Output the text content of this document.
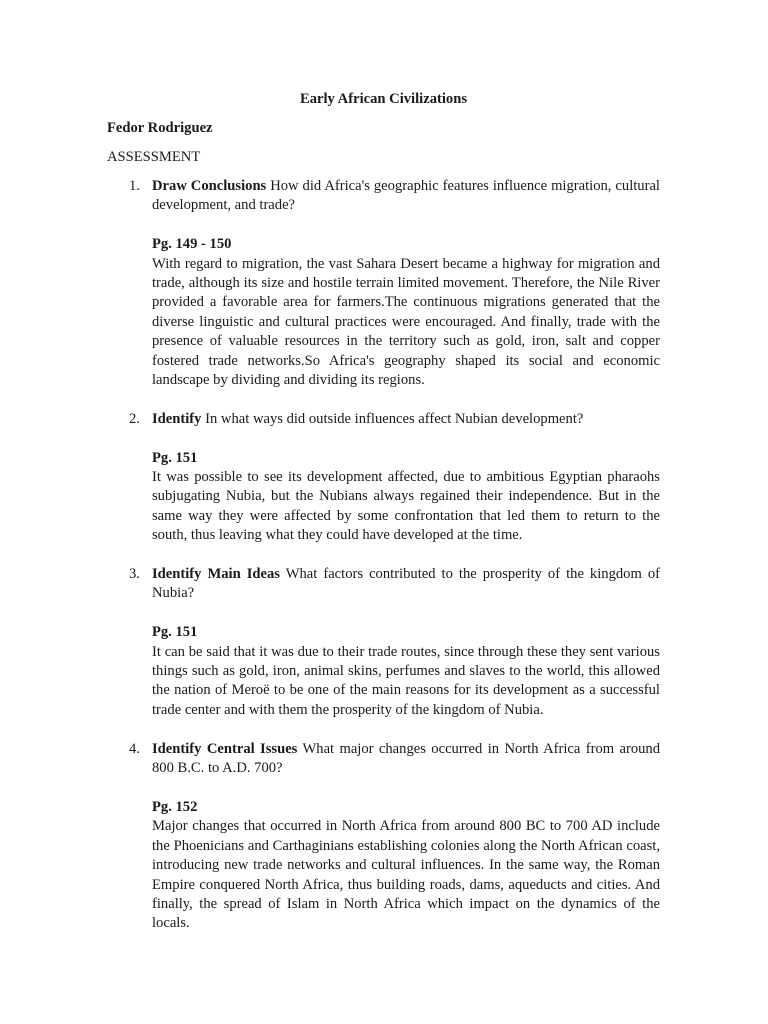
Early African Civilizations
Fedor Rodriguez
ASSESSMENT
1. Draw Conclusions How did Africa's geographic features influence migration, cultural development, and trade?
Pg. 149 - 150
With regard to migration, the vast Sahara Desert became a highway for migration and trade, although its size and hostile terrain limited movement. Therefore, the Nile River provided a favorable area for farmers.The continuous migrations generated that the diverse linguistic and cultural practices were encouraged. And finally, trade with the presence of valuable resources in the territory such as gold, iron, salt and copper fostered trade networks.So Africa's geography shaped its social and economic landscape by dividing and dividing its regions.
2. Identify In what ways did outside influences affect Nubian development?
Pg. 151
It was possible to see its development affected, due to ambitious Egyptian pharaohs subjugating Nubia, but the Nubians always regained their independence. But in the same way they were affected by some confrontation that led them to return to the south, thus leaving what they could have developed at the time.
3. Identify Main Ideas What factors contributed to the prosperity of the kingdom of Nubia?
Pg. 151
It can be said that it was due to their trade routes, since through these they sent various things such as gold, iron, animal skins, perfumes and slaves to the world, this allowed the nation of Meroë to be one of the main reasons for its development as a successful trade center and with them the prosperity of the kingdom of Nubia.
4. Identify Central Issues What major changes occurred in North Africa from around 800 B.C. to A.D. 700?
Pg. 152
Major changes that occurred in North Africa from around 800 BC to 700 AD include the Phoenicians and Carthaginians establishing colonies along the North African coast, introducing new trade networks and cultural influences. In the same way, the Roman Empire conquered North Africa, thus building roads, dams, aqueducts and cities. And finally, the spread of Islam in North Africa which impact on the dynamics of the locals.
